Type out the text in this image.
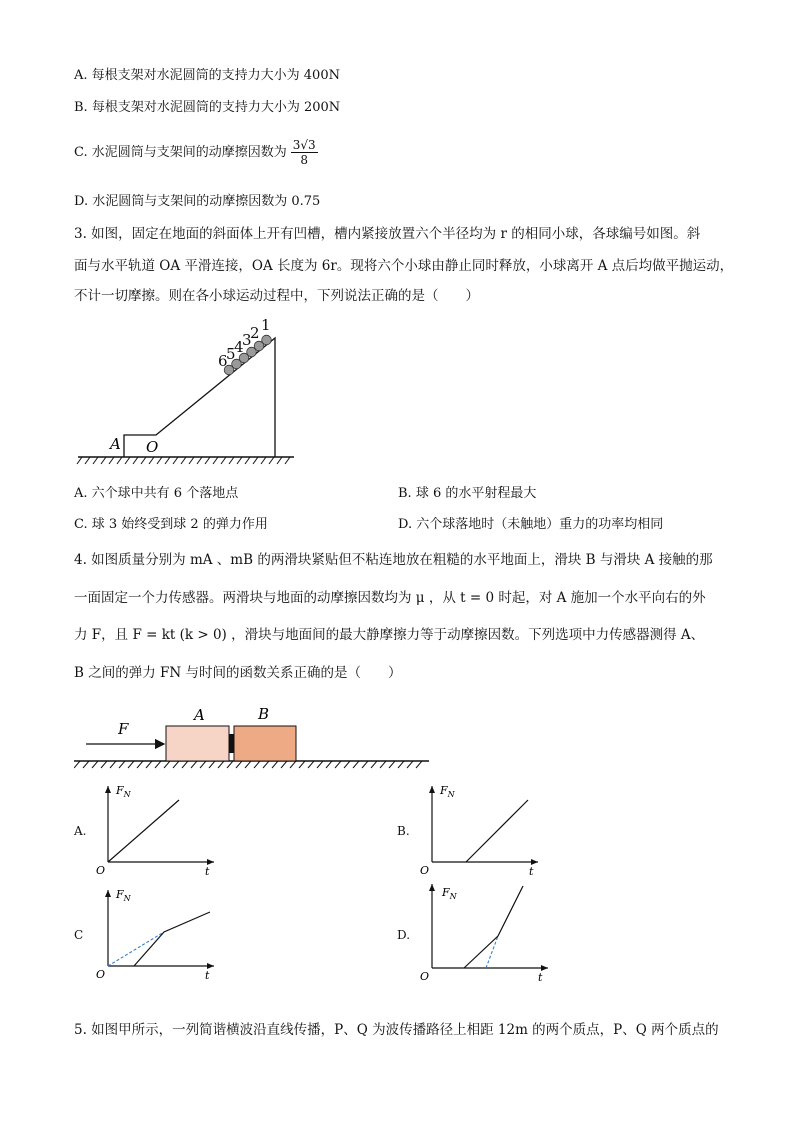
A. 每根支架对水泥圆筒的支持力大小为 400N
B. 每根支架对水泥圆筒的支持力大小为 200N
C. 水泥圆筒与支架间的动摩擦因数为 $\frac{3√3}{8}$
D. 水泥圆筒与支架间的动摩擦因数为 0.75
3. 如图，固定在地面的斜面体上开有凹槽，槽内紧接放置六个半径均为 r 的相同小球，各球编号如图。斜
面与水平轨道 OA 平滑连接，OA 长度为 6r。现将六个小球由静止同时释放，小球离开 A 点后均做平抛运动，
不计一切摩擦。则在各小球运动过程中，下列说法正确的是（　　）
6
5
4
3
2 1
A O
A. 六个球中共有 6 个落地点	B. 球 6 的水平射程最大
C. 球 3 始终受到球 2 的弹力作用	D. 六个球落地时（未触地）重力的功率均相同
4. 如图质量分别为 mA 、mB 的两滑块紧贴但不粘连地放在粗糙的水平地面上，滑块 B 与滑块 A 接触的那
一面固定一个力传感器。两滑块与地面的动摩擦因数均为 μ ，从 t = 0 时起，对 A 施加一个水平向右的外
力 F，且 F = kt (k > 0) ，滑块与地面间的最大静摩擦力等于动摩擦因数。下列选项中力传感器测得 A、
B 之间的弹力 FN 与时间的函数关系正确的是（　　）
F
A	B
A.
$F_N$
t
O
B.
$F_N$
t
O
C
$F_N$
t
O
D.
$F_N$
t
O
5. 如图甲所示，一列简谐横波沿直线传播，P、Q 为波传播路径上相距 12m 的两个质点，P、Q 两个质点的
